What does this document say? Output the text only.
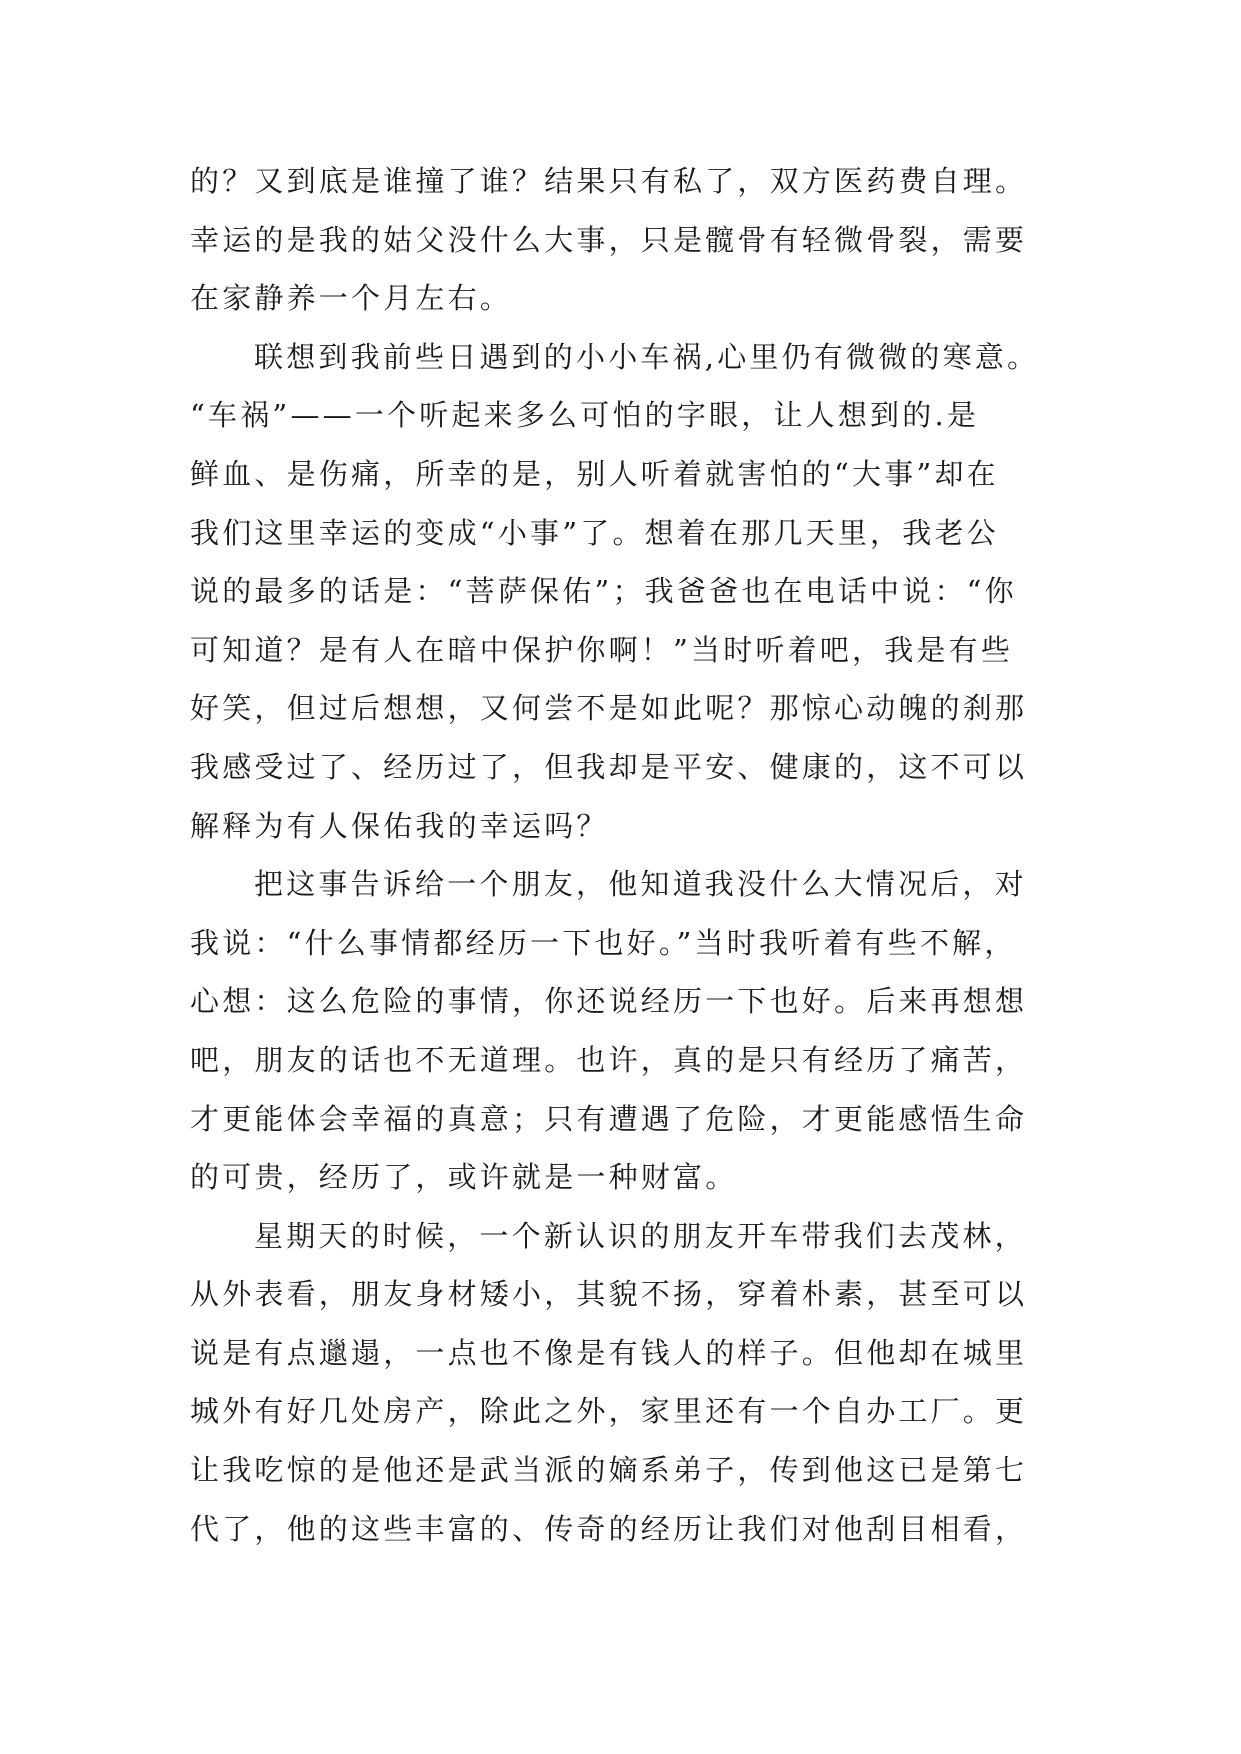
的？又到底是谁撞了谁？结果只有私了，双方医药费自理。
幸运的是我的姑父没什么大事，只是髋骨有轻微骨裂，需要
在家静养一个月左右。
联想到我前些日遇到的小小车祸,心里仍有微微的寒意。
“车祸”——一个听起来多么可怕的字眼，让人想到的.是
鲜血、是伤痛，所幸的是，别人听着就害怕的“大事”却在
我们这里幸运的变成“小事”了。想着在那几天里，我老公
说的最多的话是：“菩萨保佑”；我爸爸也在电话中说：“你
可知道？是有人在暗中保护你啊！”当时听着吧，我是有些
好笑，但过后想想，又何尝不是如此呢？那惊心动魄的刹那
我感受过了、经历过了，但我却是平安、健康的，这不可以
解释为有人保佑我的幸运吗？
把这事告诉给一个朋友，他知道我没什么大情况后，对
我说：“什么事情都经历一下也好。”当时我听着有些不解，
心想：这么危险的事情，你还说经历一下也好。后来再想想
吧，朋友的话也不无道理。也许，真的是只有经历了痛苦，
才更能体会幸福的真意；只有遭遇了危险，才更能感悟生命
的可贵，经历了，或许就是一种财富。
星期天的时候，一个新认识的朋友开车带我们去茂林，
从外表看，朋友身材矮小，其貌不扬，穿着朴素，甚至可以
说是有点邋遢，一点也不像是有钱人的样子。但他却在城里
城外有好几处房产，除此之外，家里还有一个自办工厂。更
让我吃惊的是他还是武当派的嫡系弟子，传到他这已是第七
代了，他的这些丰富的、传奇的经历让我们对他刮目相看，
